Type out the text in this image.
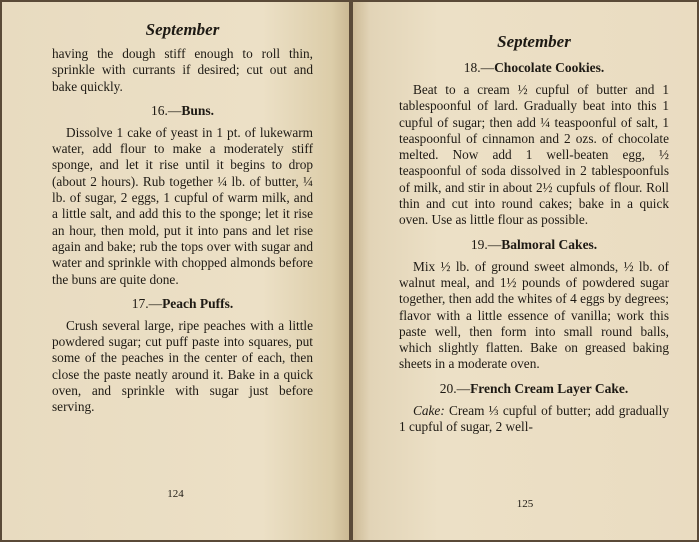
September

having the dough stiff enough to roll thin, sprinkle with currants if desired; cut out and bake quickly.

16.—Buns.

Dissolve 1 cake of yeast in 1 pt. of lukewarm water, add flour to make a moderately stiff sponge, and let it rise until it begins to drop (about 2 hours). Rub together ¼ lb. of butter, ¼ lb. of sugar, 2 eggs, 1 cupful of warm milk, and a little salt, and add this to the sponge; let it rise an hour, then mold, put it into pans and let rise again and bake; rub the tops over with sugar and water and sprinkle with chopped almonds before the buns are quite done.

17.—Peach Puffs.

Crush several large, ripe peaches with a little powdered sugar; cut puff paste into squares, put some of the peaches in the center of each, then close the paste neatly around it. Bake in a quick oven, and sprinkle with sugar just before serving.

124
September
18.—Chocolate Cookies.

Beat to a cream ½ cupful of butter and 1 tablespoonful of lard. Gradually beat into this 1 cupful of sugar; then add ¼ teaspoonful of salt, 1 teaspoonful of cinnamon and 2 ozs. of chocolate melted. Now add 1 well-beaten egg, ½ teaspoonful of soda dissolved in 2 tablespoonfuls of milk, and stir in about 2½ cupfuls of flour. Roll thin and cut into round cakes; bake in a quick oven. Use as little flour as possible.

19.—Balmoral Cakes.

Mix ½ lb. of ground sweet almonds, ½ lb. of walnut meal, and 1½ pounds of powdered sugar together, then add the whites of 4 eggs by degrees; flavor with a little essence of vanilla; work this paste well, then form into small round balls, which slightly flatten. Bake on greased baking sheets in a moderate oven.

20.—French Cream Layer Cake.

Cake: Cream ⅓ cupful of butter; add gradually 1 cupful of sugar, 2 well-

125
